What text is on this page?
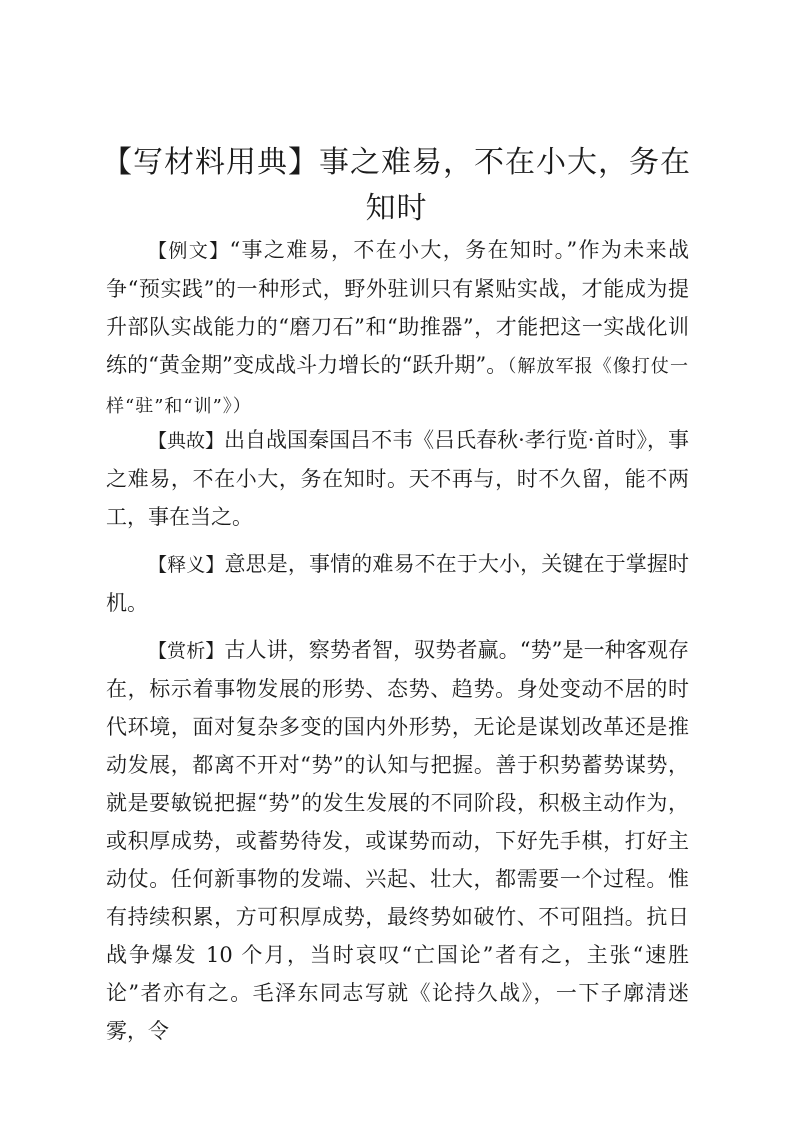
【写材料用典】事之难易，不在小大，务在知时

【例文】“事之难易，不在小大，务在知时。”作为未来战争“预实践”的一种形式，野外驻训只有紧贴实战，才能成为提升部队实战能力的“磨刀石”和“助推器”，才能把这一实战化训练的“黄金期”变成战斗力增长的“跃升期”。（解放军报《像打仗一样“驻”和“训”》）

【典故】出自战国秦国吕不韦《吕氏春秋·孝行览·首时》，事之难易，不在小大，务在知时。天不再与，时不久留，能不两工，事在当之。

【释义】意思是，事情的难易不在于大小，关键在于掌握时机。

【赏析】古人讲，察势者智，驭势者赢。“势”是一种客观存在，标示着事物发展的形势、态势、趋势。身处变动不居的时代环境，面对复杂多变的国内外形势，无论是谋划改革还是推动发展，都离不开对“势”的认知与把握。善于积势蓄势谋势，就是要敏锐把握“势”的发生发展的不同阶段，积极主动作为，或积厚成势，或蓄势待发，或谋势而动，下好先手棋，打好主动仗。任何新事物的发端、兴起、壮大，都需要一个过程。惟有持续积累，方可积厚成势，最终势如破竹、不可阻挡。抗日战争爆发 10 个月，当时哀叹“亡国论”者有之，主张“速胜论”者亦有之。毛泽东同志写就《论持久战》，一下子廓清迷雾，令
